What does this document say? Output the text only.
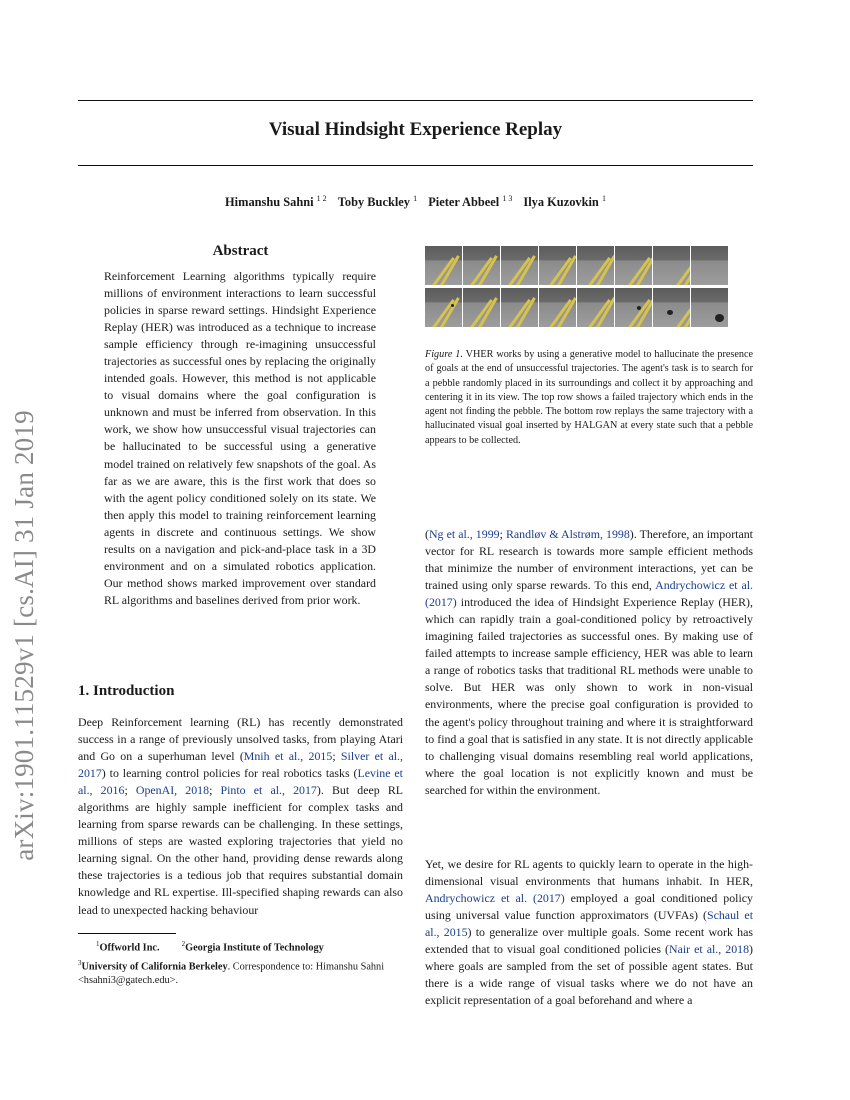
arXiv:1901.11529v1 [cs.AI] 31 Jan 2019
Visual Hindsight Experience Replay
Himanshu Sahni $^{1 2}$ Toby Buckley $^1$ Pieter Abbeel $^{1 3}$ Ilya Kuzovkin $^1$
Abstract

Reinforcement Learning algorithms typically require millions of environment interactions to learn successful policies in sparse reward settings. Hindsight Experience Replay (HER) was introduced as a technique to increase sample efficiency through re-imagining unsuccessful trajectories as successful ones by replacing the originally intended goals. However, this method is not applicable to visual domains where the goal configuration is unknown and must be inferred from observation. In this work, we show how unsuccessful visual trajectories can be hallucinated to be successful using a generative model trained on relatively few snapshots of the goal. As far as we are aware, this is the first work that does so with the agent policy conditioned solely on its state. We then apply this model to training reinforcement learning agents in discrete and continuous settings. We show results on a navigation and pick-and-place task in a 3D environment and on a simulated robotics application. Our method shows marked improvement over standard RL algorithms and baselines derived from prior work.

1. Introduction

Deep Reinforcement learning (RL) has recently demonstrated success in a range of previously unsolved tasks, from playing Atari and Go on a superhuman level (Mnih et al., 2015; Silver et al., 2017) to learning control policies for real robotics tasks (Levine et al., 2016; OpenAI, 2018; Pinto et al., 2017). But deep RL algorithms are highly sample inefficient for complex tasks and learning from sparse rewards can be challenging. In these settings, millions of steps are wasted exploring trajectories that yield no learning signal. On the other hand, providing dense rewards along these trajectories is a tedious job that requires substantial domain knowledge and RL expertise. Ill-specified shaping rewards can also lead to unexpected hacking behaviour

$^1$Offworld Inc.	$^2$Georgia Institute of Technology
$^3$University of California Berkeley. Correspondence to: Himanshu Sahni <hsahni3@gatech.edu>.

Figure 1. VHER works by using a generative model to hallucinate the presence of goals at the end of unsuccessful trajectories. The agent's task is to search for a pebble randomly placed in its surroundings and collect it by approaching and centering it in its view. The top row shows a failed trajectory which ends in the agent not finding the pebble. The bottom row replays the same trajectory with a hallucinated visual goal inserted by HALGAN at every state such that a pebble appears to be collected.

(Ng et al., 1999; Randløv & Alstrøm, 1998). Therefore, an important vector for RL research is towards more sample efficient methods that minimize the number of environment interactions, yet can be trained using only sparse rewards. To this end, Andrychowicz et al. (2017) introduced the idea of Hindsight Experience Replay (HER), which can rapidly train a goal-conditioned policy by retroactively imagining failed trajectories as successful ones. By making use of failed attempts to increase sample efficiency, HER was able to learn a range of robotics tasks that traditional RL methods were unable to solve. But HER was only shown to work in non-visual environments, where the precise goal configuration is provided to the agent's policy throughout training and where it is straightforward to find a goal that is satisfied in any state. It is not directly applicable to challenging visual domains resembling real world applications, where the goal location is not explicitly known and must be searched for within the environment.

Yet, we desire for RL agents to quickly learn to operate in the high-dimensional visual environments that humans inhabit. In HER, Andrychowicz et al. (2017) employed a goal conditioned policy using universal value function approximators (UVFAs) (Schaul et al., 2015) to generalize over multiple goals. Some recent work has extended that to visual goal conditioned policies (Nair et al., 2018) where goals are sampled from the set of possible agent states. But there is a wide range of visual tasks where we do not have an explicit representation of a goal beforehand and where a
